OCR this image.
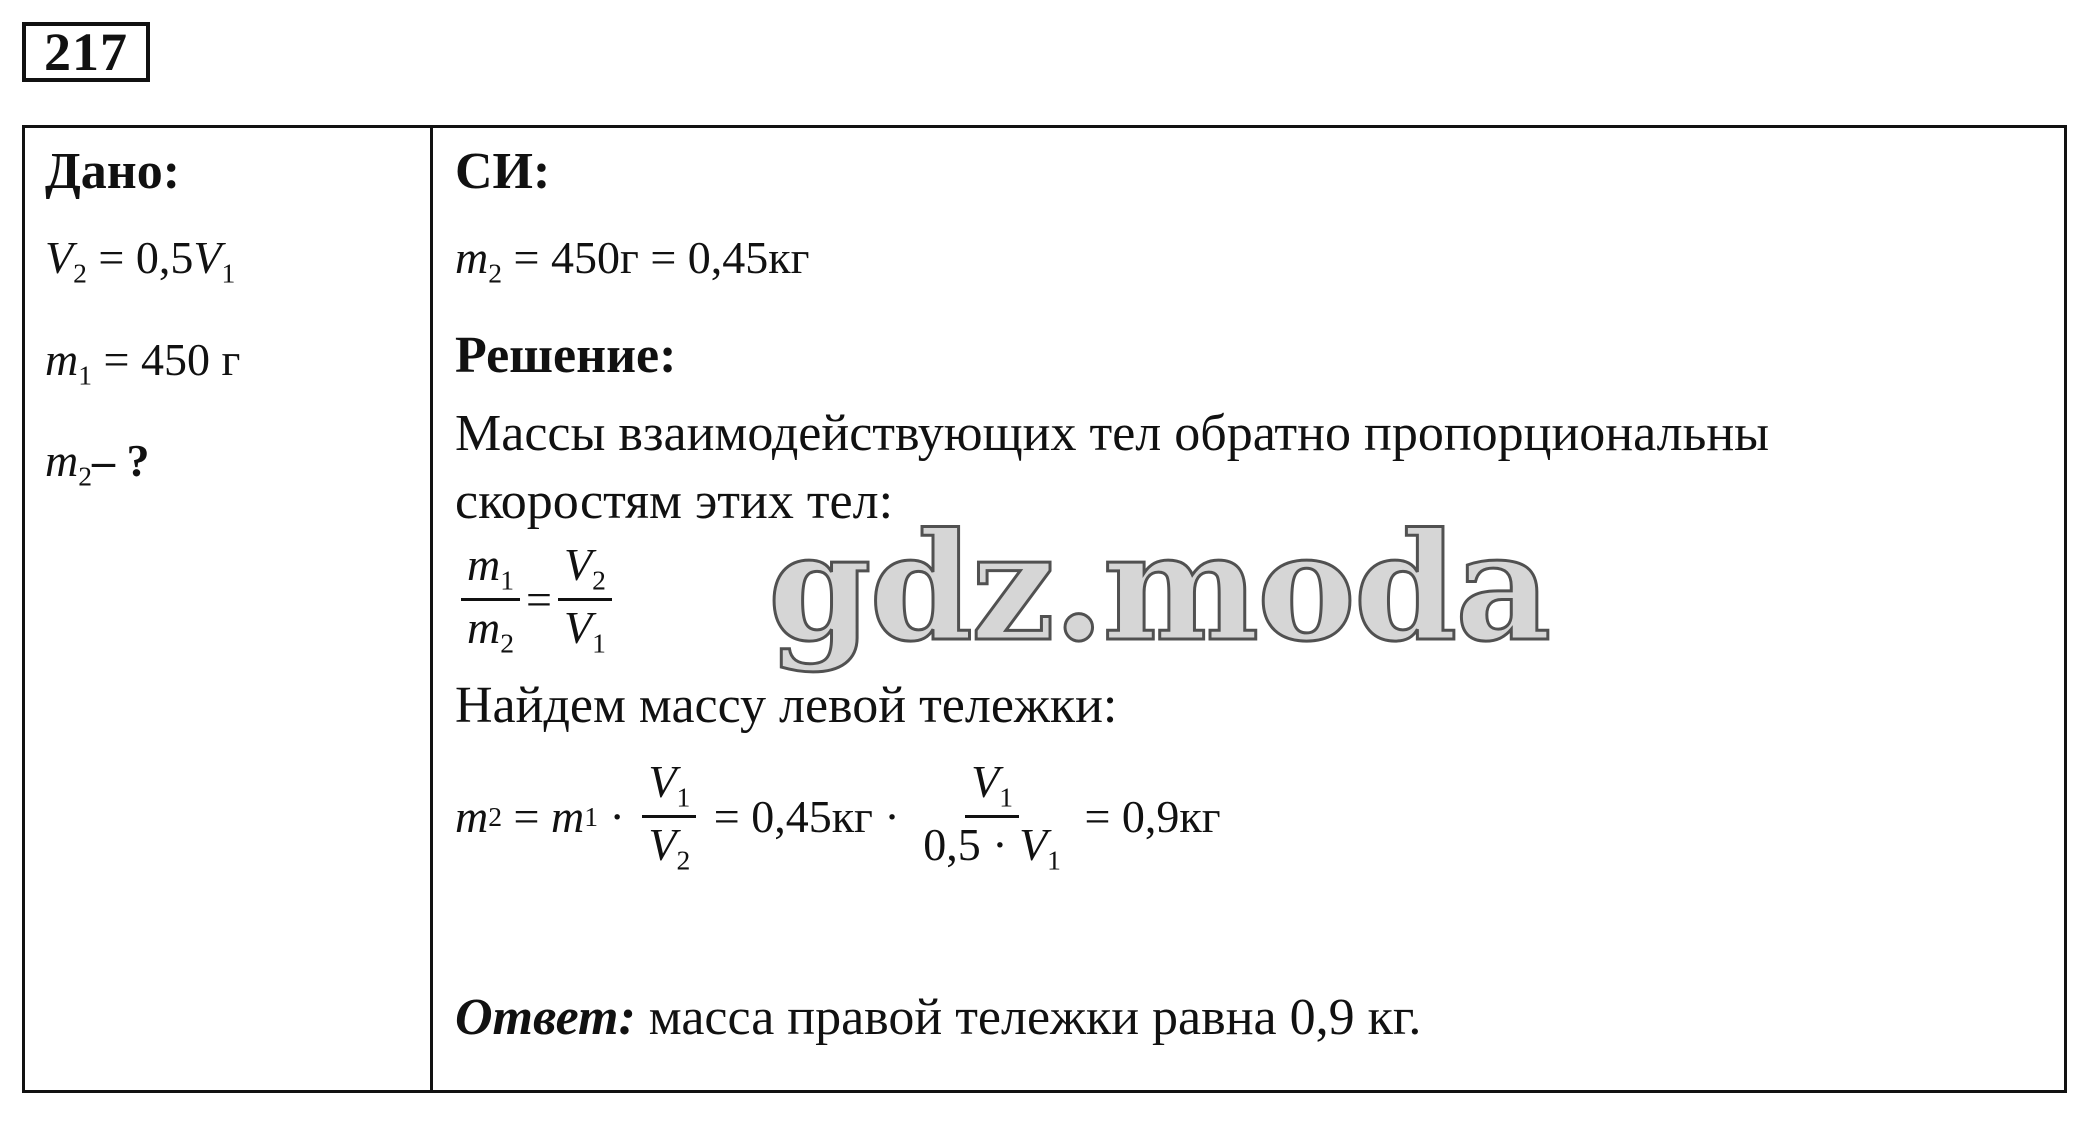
217
Дано:
$V_2 = 0,5V_1$
$m_1 = 450$ г
$m_2-$ ?
СИ:
$m_2 = 450г = 0,45кг$
Решение:
Массы взаимодействующих тел обратно пропорциональны
скоростям этих тел:
$\frac{m_1}{m_2} = \frac{V_2}{V_1}$
Найдем массу левой тележки:
m 2 = m $1 \cdot \frac{V_1}{V_2} = 0,45кг \cdot \frac{V_1}{0,5 \cdot V_1} = 0,9кг$
Ответ: масса правой тележки равна 0,9 кг.
gdz.moda
